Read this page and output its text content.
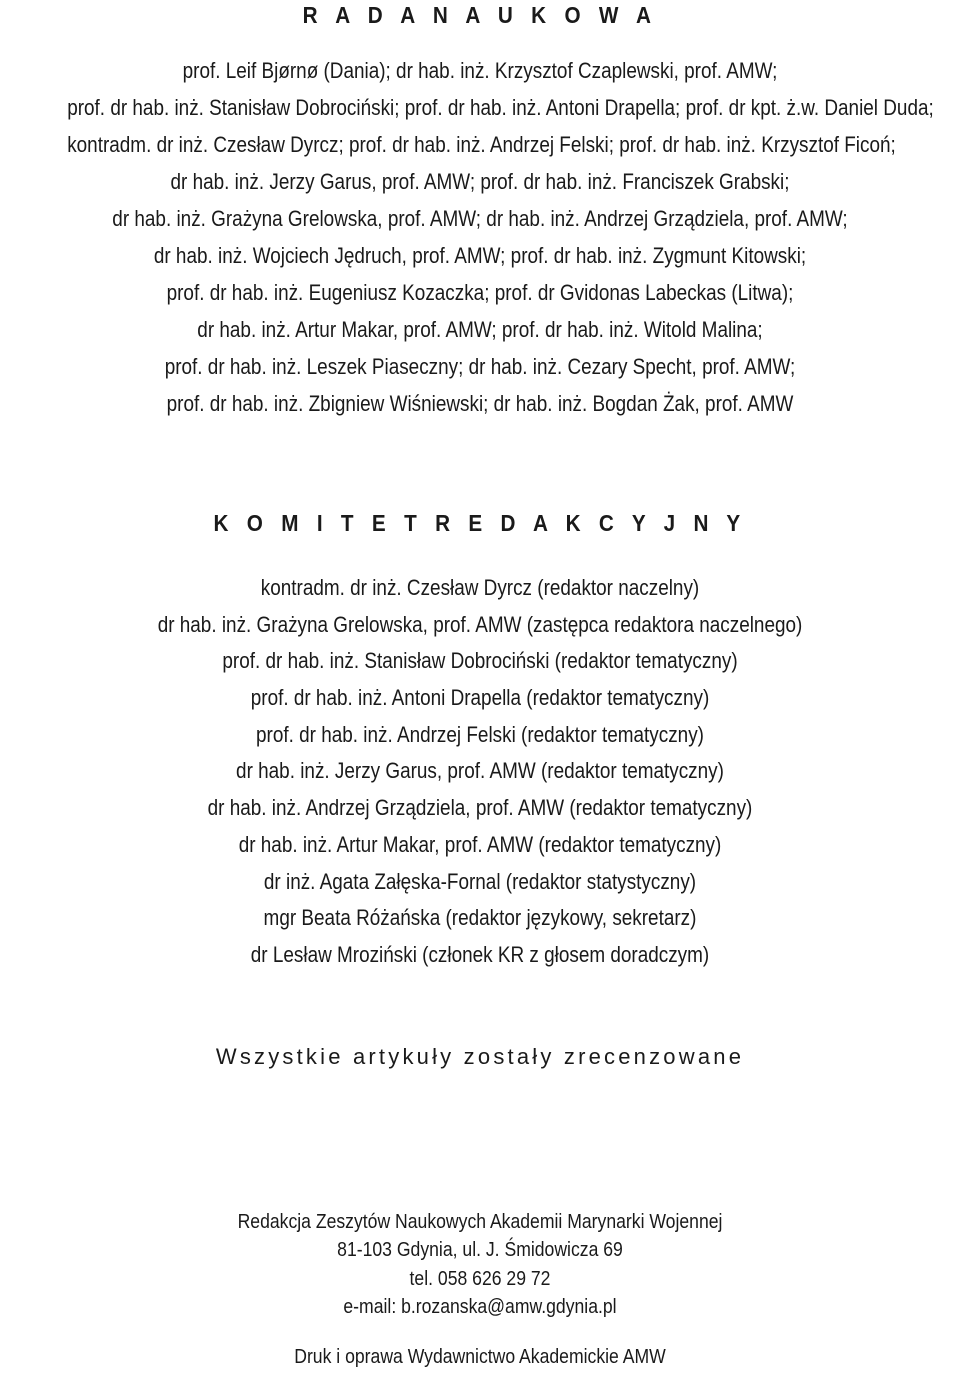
R A D A N A U K O W A
prof. Leif Bjørnø (Dania); dr hab. inż. Krzysztof Czaplewski, prof. AMW;
prof. dr hab. inż. Stanisław Dobrociński; prof. dr hab. inż. Antoni Drapella; prof. dr kpt. ż.w. Daniel Duda;
kontradm. dr inż. Czesław Dyrcz; prof. dr hab. inż. Andrzej Felski; prof. dr hab. inż. Krzysztof Ficoń;
dr hab. inż. Jerzy Garus, prof. AMW; prof. dr hab. inż. Franciszek Grabski;
dr hab. inż. Grażyna Grelowska, prof. AMW; dr hab. inż. Andrzej Grządziela, prof. AMW;
dr hab. inż. Wojciech Jędruch, prof. AMW; prof. dr hab. inż. Zygmunt Kitowski;
prof. dr hab. inż. Eugeniusz Kozaczka; prof. dr Gvidonas Labeckas (Litwa);
dr hab. inż. Artur Makar, prof. AMW; prof. dr hab. inż. Witold Malina;
prof. dr hab. inż. Leszek Piaseczny; dr hab. inż. Cezary Specht, prof. AMW;
prof. dr hab. inż. Zbigniew Wiśniewski; dr hab. inż. Bogdan Żak, prof. AMW
K O M I T E T R E D A K C Y J N Y
kontradm. dr inż. Czesław Dyrcz (redaktor naczelny)
dr hab. inż. Grażyna Grelowska, prof. AMW (zastępca redaktora naczelnego)
prof. dr hab. inż. Stanisław Dobrociński (redaktor tematyczny)
prof. dr hab. inż. Antoni Drapella (redaktor tematyczny)
prof. dr hab. inż. Andrzej Felski (redaktor tematyczny)
dr hab. inż. Jerzy Garus, prof. AMW (redaktor tematyczny)
dr hab. inż. Andrzej Grządziela, prof. AMW (redaktor tematyczny)
dr hab. inż. Artur Makar, prof. AMW (redaktor tematyczny)
dr inż. Agata Załęska-Fornal (redaktor statystyczny)
mgr Beata Różańska (redaktor językowy, sekretarz)
dr Lesław Mroziński (członek KR z głosem doradczym)

Wszystkie artykuły zostały zrecenzowane

Redakcja Zeszytów Naukowych Akademii Marynarki Wojennej
81-103 Gdynia, ul. J. Śmidowicza 69
tel. 058 626 29 72
e-mail: b.rozanska@amw.gdynia.pl

Druk i oprawa Wydawnictwo Akademickie AMW
